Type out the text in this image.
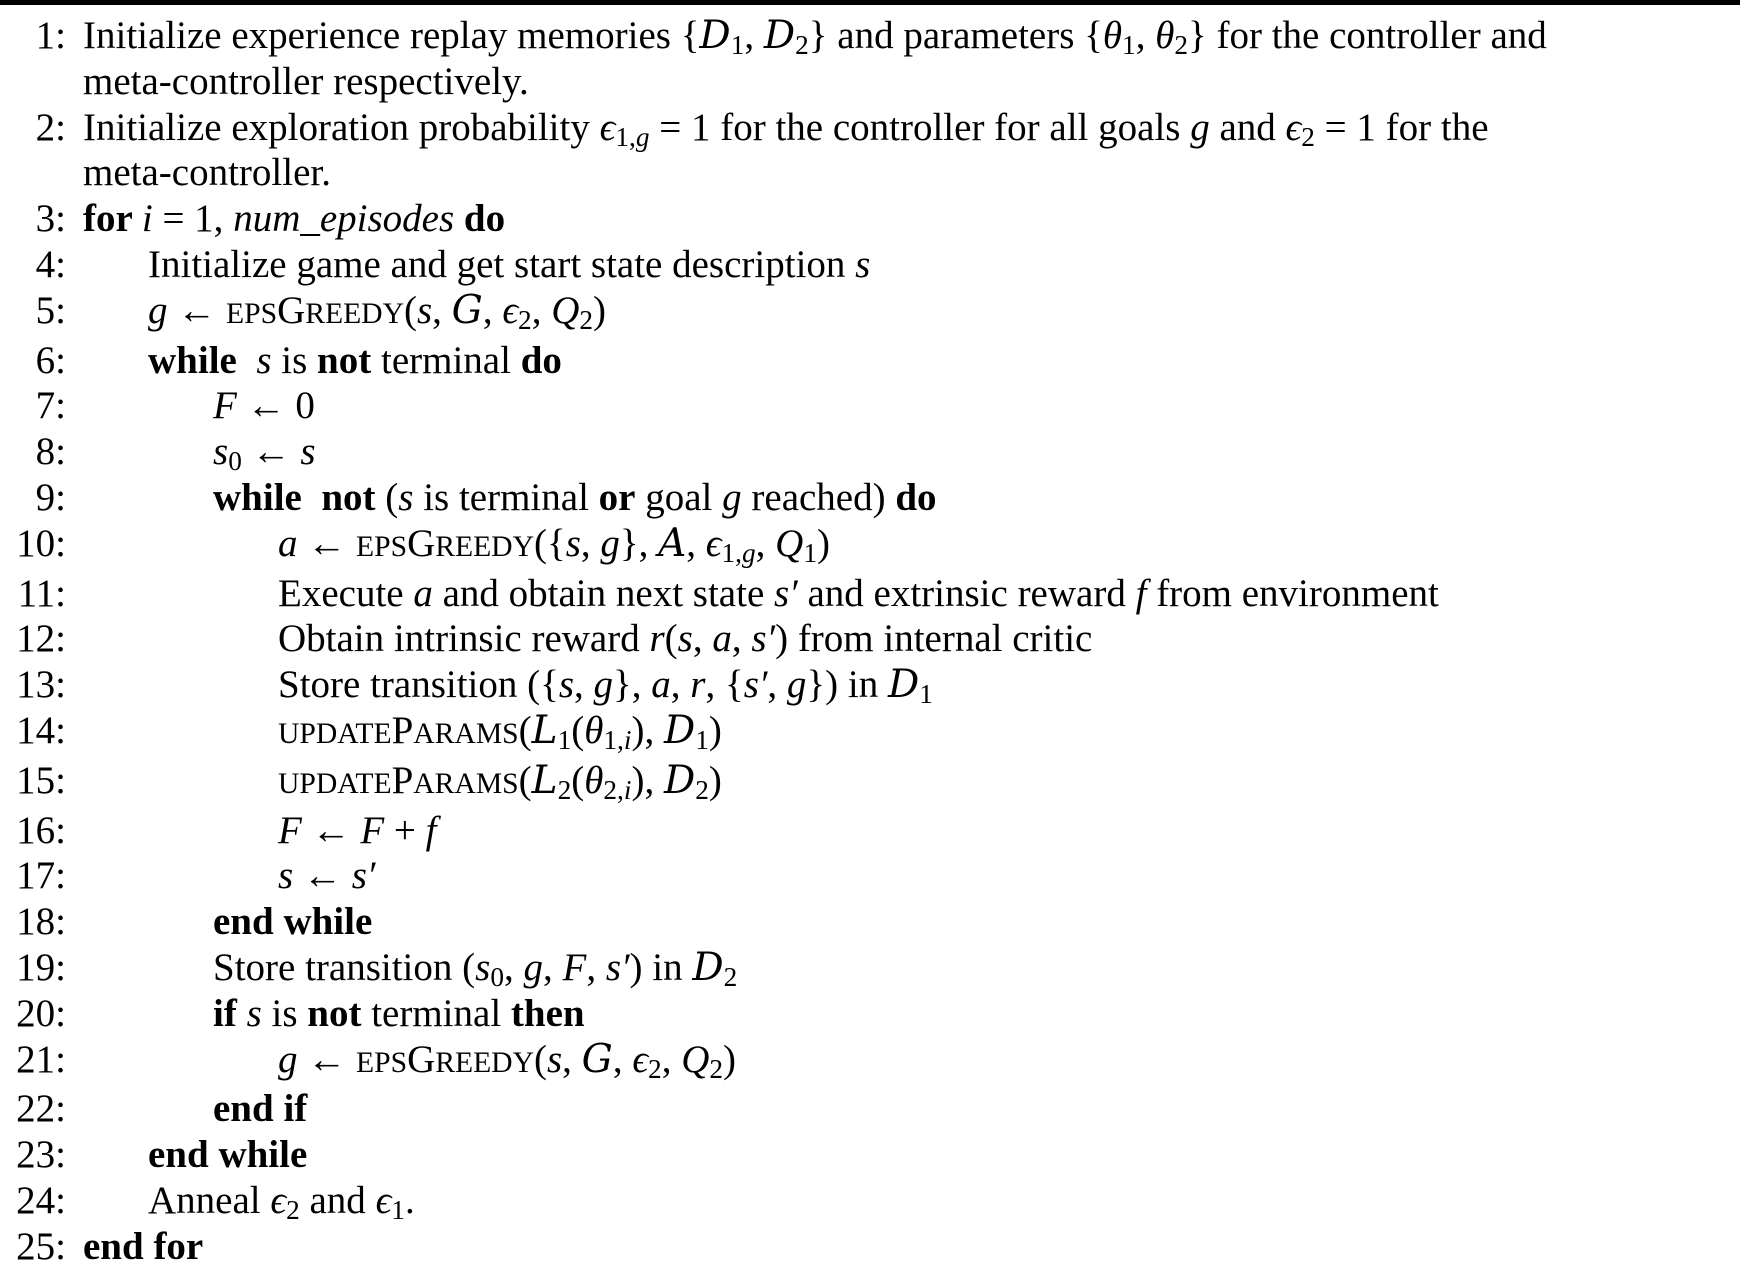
1: Initialize experience replay memories {D1, D2} and parameters {θ1, θ2} for the controller and
meta-controller respectively.
2: Initialize exploration probability ϵ1,g = 1 for the controller for all goals g and ϵ2 = 1 for the
meta-controller.
3: for i = 1, num_episodes do
4: Initialize game and get start state description s
5: g ← EPSGREEDY(s, G, ϵ2, Q2)
6: while  s is not terminal do
7:	F ← 0
8:	s0 ← s
9:	while  not (s is terminal or goal g reached) do
10:	a ← EPSGREEDY({s, g}, A, ϵ1,g, Q1)
11:	Execute a and obtain next state s′ and extrinsic reward f from environment
12:	Obtain intrinsic reward r(s, a, s′) from internal critic
13:	Store transition ({s, g}, a, r, {s′, g}) in D1
14:	UPDATEPARAMS(L1(θ1,i), D1)
15:	UPDATEPARAMS(L2(θ2,i), D2)
16:	F ← F + f
17:	s ← s′
18:	end while
19:	Store transition (s0, g, F, s′) in D2
20:	if s is not terminal then
21:	g ← EPSGREEDY(s, G, ϵ2, Q2)
22:	end if
23: end while
24: Anneal ϵ2 and ϵ1.
25: end for
